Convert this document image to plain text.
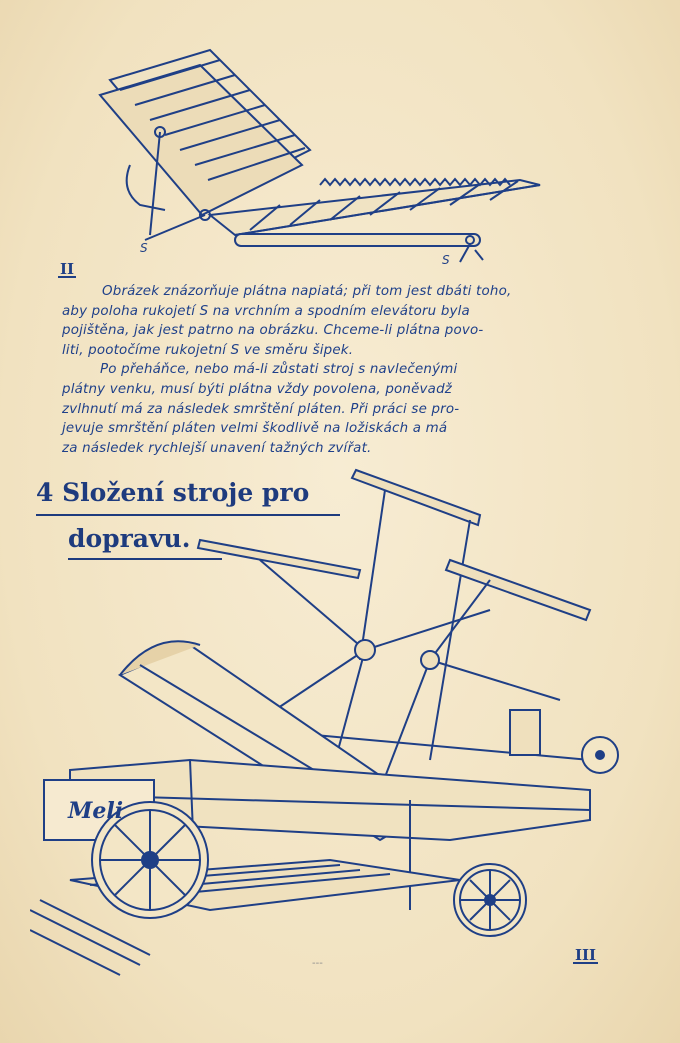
S
S
II
Obrázek znázorňuje plátna napiatá; při tom jest dbáti toho,
aby poloha rukojetí S na vrchním a spodním elevátoru byla
pojištěna, jak jest patrno na obrázku. Chceme-li plátna povo-
liti, pootočíme rukojetní S ve směru šipek.
Po přeháňce, nebo má-li zůstati stroj s navlečenými
plátny venku, musí býti plátna vždy povolena, poněvadž
zvlhnutí má za následek smrštění pláten. Při práci se pro-
jevuje smrštění pláten velmi škodlivě na ložiskách a má
za následek rychlejší unavení tažných zvířat.
Meli
4 Složení stroje pro
dopravu.
III
---
